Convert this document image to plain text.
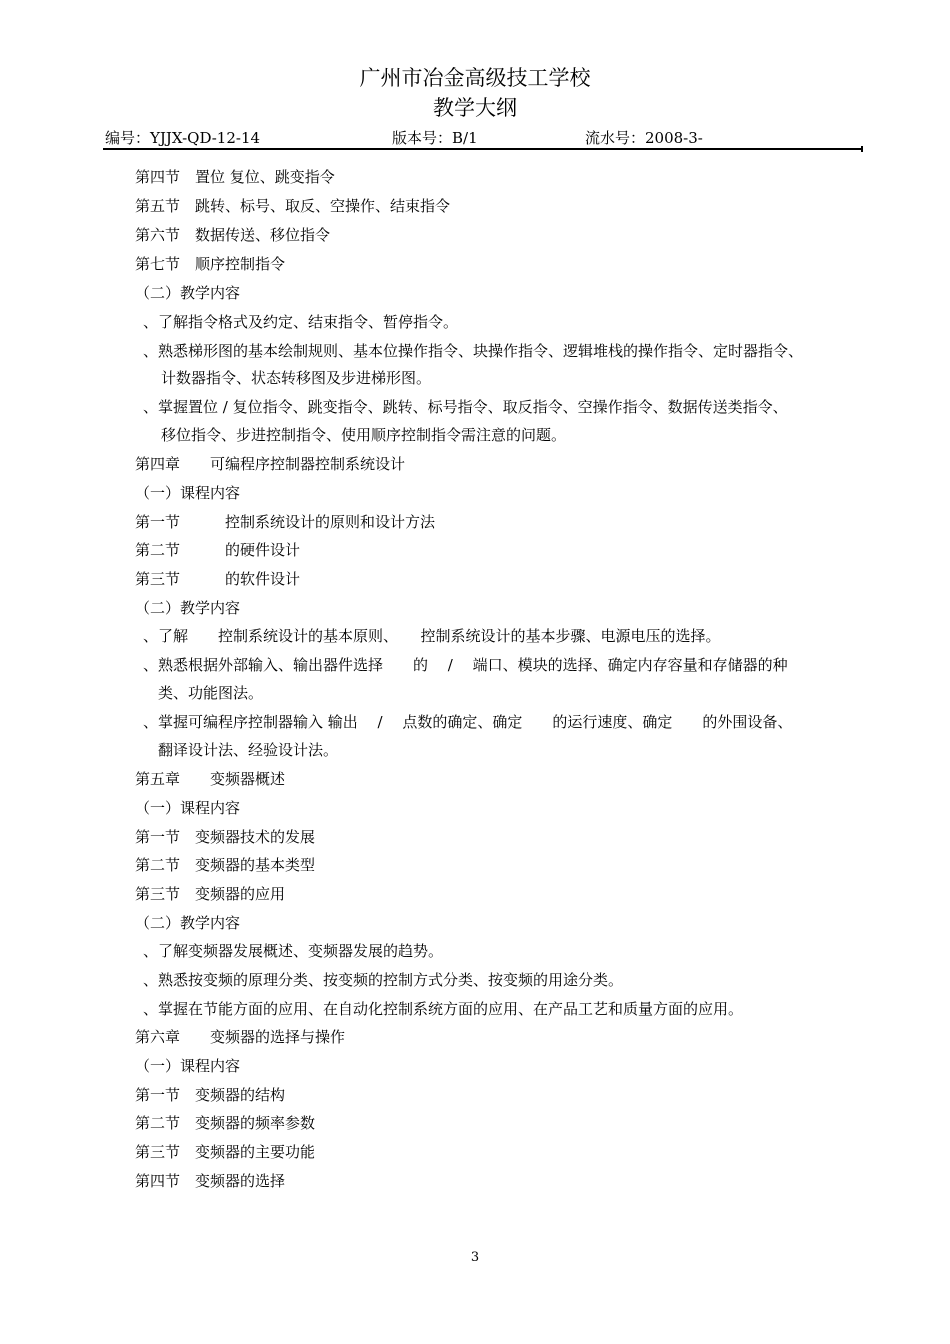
广州市冶金高级技工学校
教学大纲
编号：YJJX-QD-12-14	版本号：B/1	流水号：2008-3-
第四节　置位 复位、跳变指令
第五节　跳转、标号、取反、空操作、结束指令
第六节　数据传送、移位指令
第七节　顺序控制指令
（二）教学内容
、了解指令格式及约定、结束指令、暂停指令。
、熟悉梯形图的基本绘制规则、基本位操作指令、块操作指令、逻辑堆栈的操作指令、定时器指令、
计数器指令、状态转移图及步进梯形图。
、掌握置位 / 复位指令、跳变指令、跳转、标号指令、取反指令、空操作指令、数据传送类指令、
移位指令、步进控制指令、使用顺序控制指令需注意的问题。
第四章　　可编程序控制器控制系统设计
（一）课程内容
第一节　　　控制系统设计的原则和设计方法
第二节　　　的硬件设计
第三节　　　的软件设计
（二）教学内容
、了解　　控制系统设计的基本原则、　　控制系统设计的基本步骤、电源电压的选择。
、熟悉根据外部输入、输出器件选择　　的　 /　 端口、模块的选择、确定内存容量和存储器的种
类、功能图法。
、掌握可编程序控制器输入 输出　 /　 点数的确定、确定　　的运行速度、确定　　的外围设备、
翻译设计法、经验设计法。
第五章　　变频器概述
（一）课程内容
第一节　变频器技术的发展
第二节　变频器的基本类型
第三节　变频器的应用
（二）教学内容
、了解变频器发展概述、变频器发展的趋势。
、熟悉按变频的原理分类、按变频的控制方式分类、按变频的用途分类。
、掌握在节能方面的应用、在自动化控制系统方面的应用、在产品工艺和质量方面的应用。
第六章　　变频器的选择与操作
（一）课程内容
第一节　变频器的结构
第二节　变频器的频率参数
第三节　变频器的主要功能
第四节　变频器的选择
3
